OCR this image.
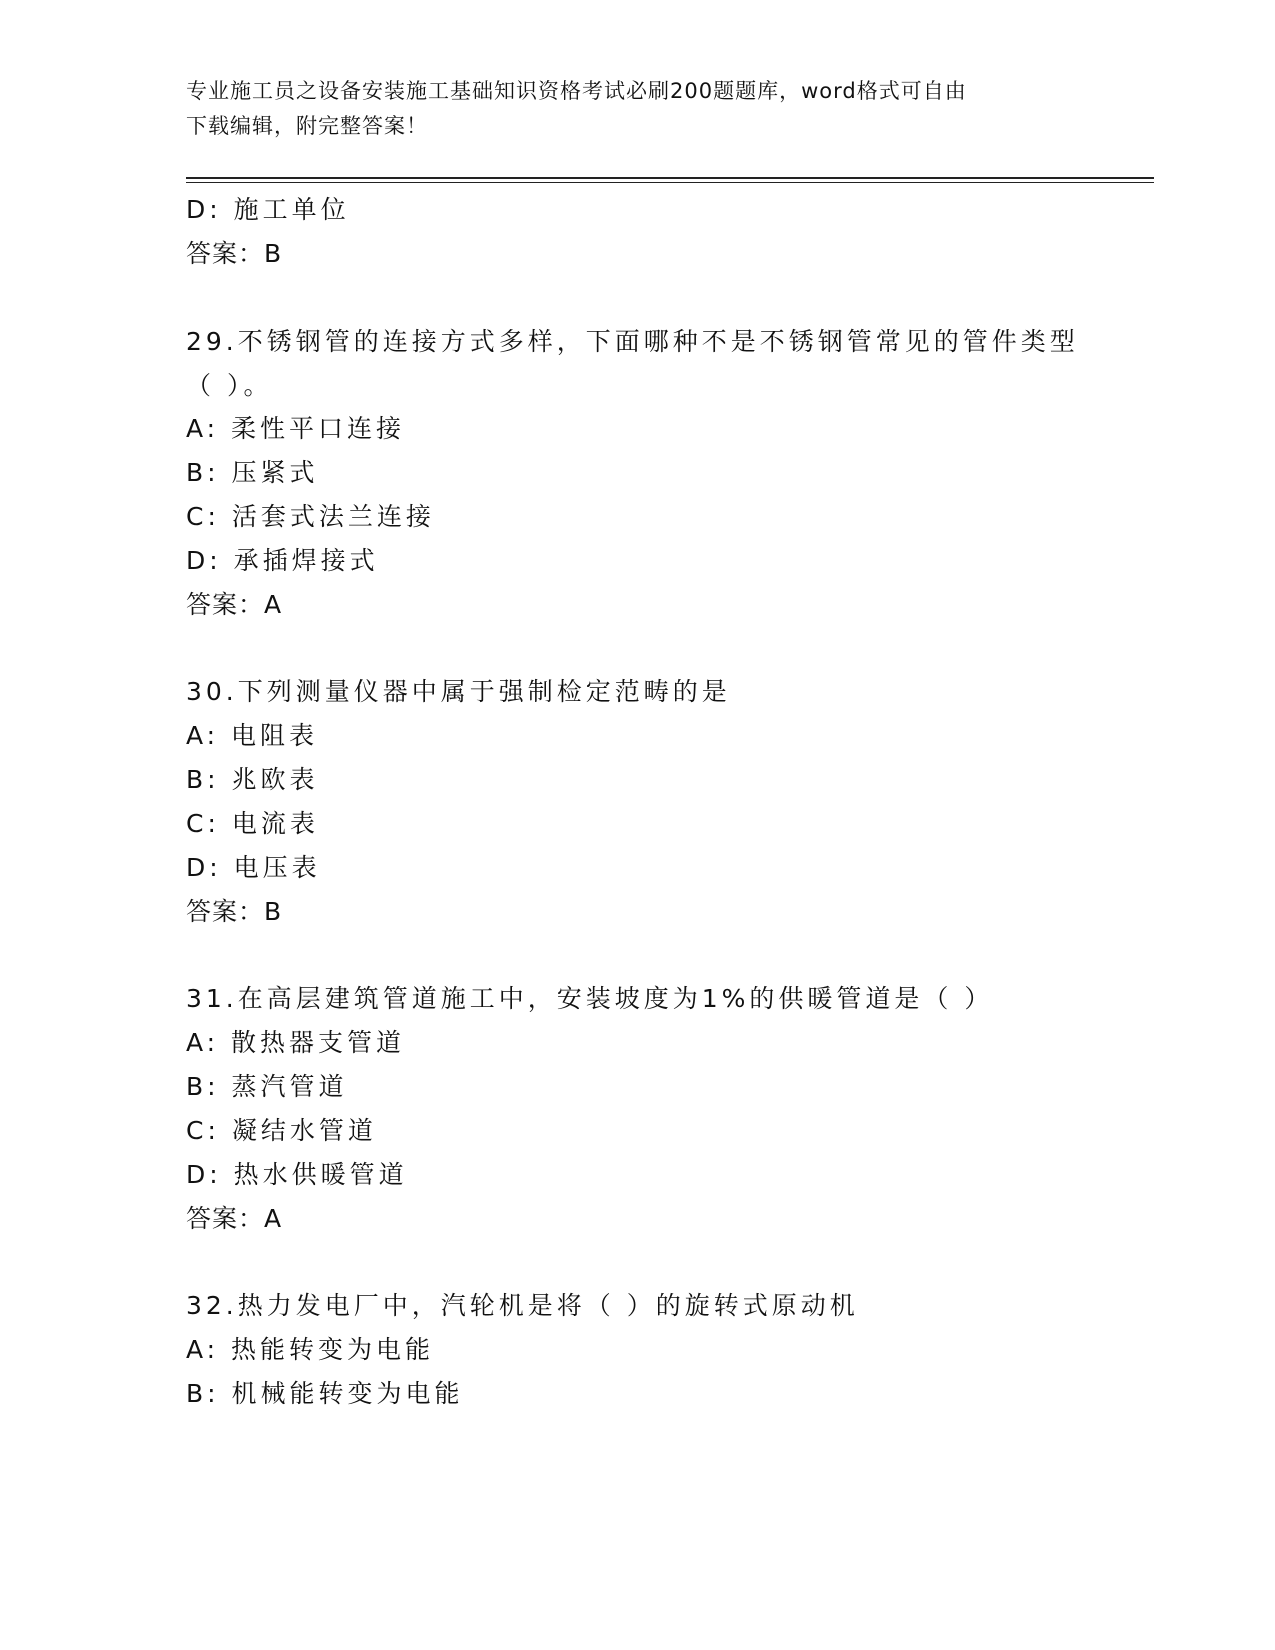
专业施工员之设备安装施工基础知识资格考试必刷200题题库，word格式可自由
下载编辑，附完整答案！
D: 施工单位
答案：B
29.不锈钢管的连接方式多样，下面哪种不是不锈钢管常见的管件类型
（ ）。
A: 柔性平口连接
B: 压紧式
C: 活套式法兰连接
D: 承插焊接式
答案：A
30.下列测量仪器中属于强制检定范畴的是
A: 电阻表
B: 兆欧表
C: 电流表
D: 电压表
答案：B
31.在高层建筑管道施工中，安装坡度为1%的供暖管道是（ ）
A: 散热器支管道
B: 蒸汽管道
C: 凝结水管道
D: 热水供暖管道
答案：A
32.热力发电厂中，汽轮机是将（ ）的旋转式原动机
A: 热能转变为电能
B: 机械能转变为电能
